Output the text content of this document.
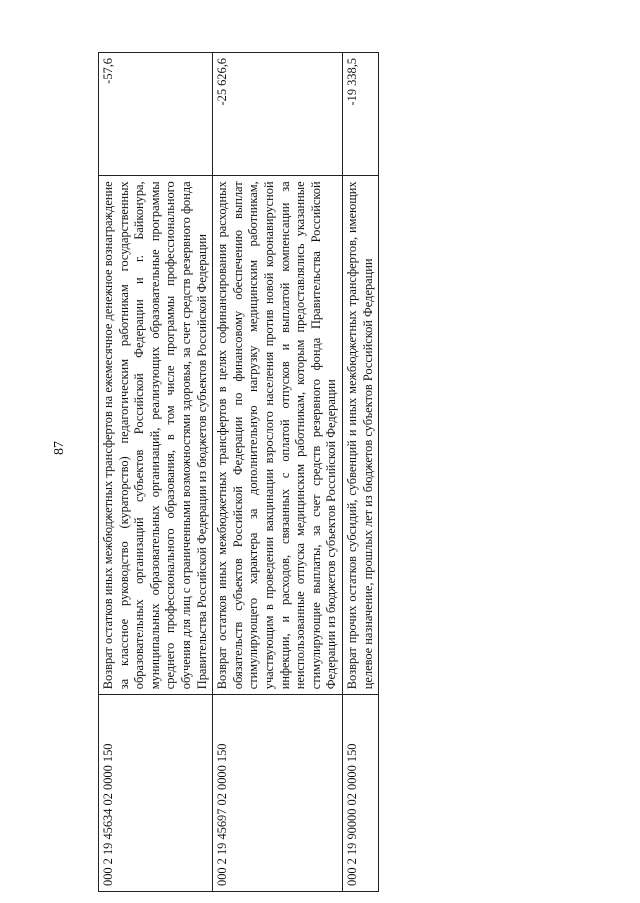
87
000 2 19 45634 02 0000 150	Возврат остатков иных межбюджетных трансфертов на ежемесячное денежное вознаграждение за классное руководство (кураторство) педагогическим работникам государственных образовательных организаций субъектов Российской Федерации и г. Байконура, муниципальных образовательных организаций, реализующих образовательные программы среднего профессионального образования, в том числе программы профессионального обучения для лиц с ограниченными возможностями здоровья, за счет средств резервного фонда Правительства Российской Федерации из бюджетов субъектов Российской Федерации	-57,6
000 2 19 45697 02 0000 150	Возврат остатков иных межбюджетных трансфертов в целях софинансирования расходных обязательств субъектов Российской Федерации по финансовому обеспечению выплат стимулирующего характера за дополнительную нагрузку медицинским работникам, участвующим в проведении вакцинации взрослого населения против новой коронавирусной инфекции, и расходов, связанных с оплатой отпусков и выплатой компенсации за неиспользованные отпуска медицинским работникам, которым предоставлялись указанные стимулирующие выплаты, за счет средств резервного фонда Правительства Российской Федерации из бюджетов субъектов Российской Федерации	-25 626,6
000 2 19 90000 02 0000 150	Возврат прочих остатков субсидий, субвенций и иных межбюджетных трансфертов, имеющих целевое назначение, прошлых лет из бюджетов субъектов Российской Федерации	-19 338,5
